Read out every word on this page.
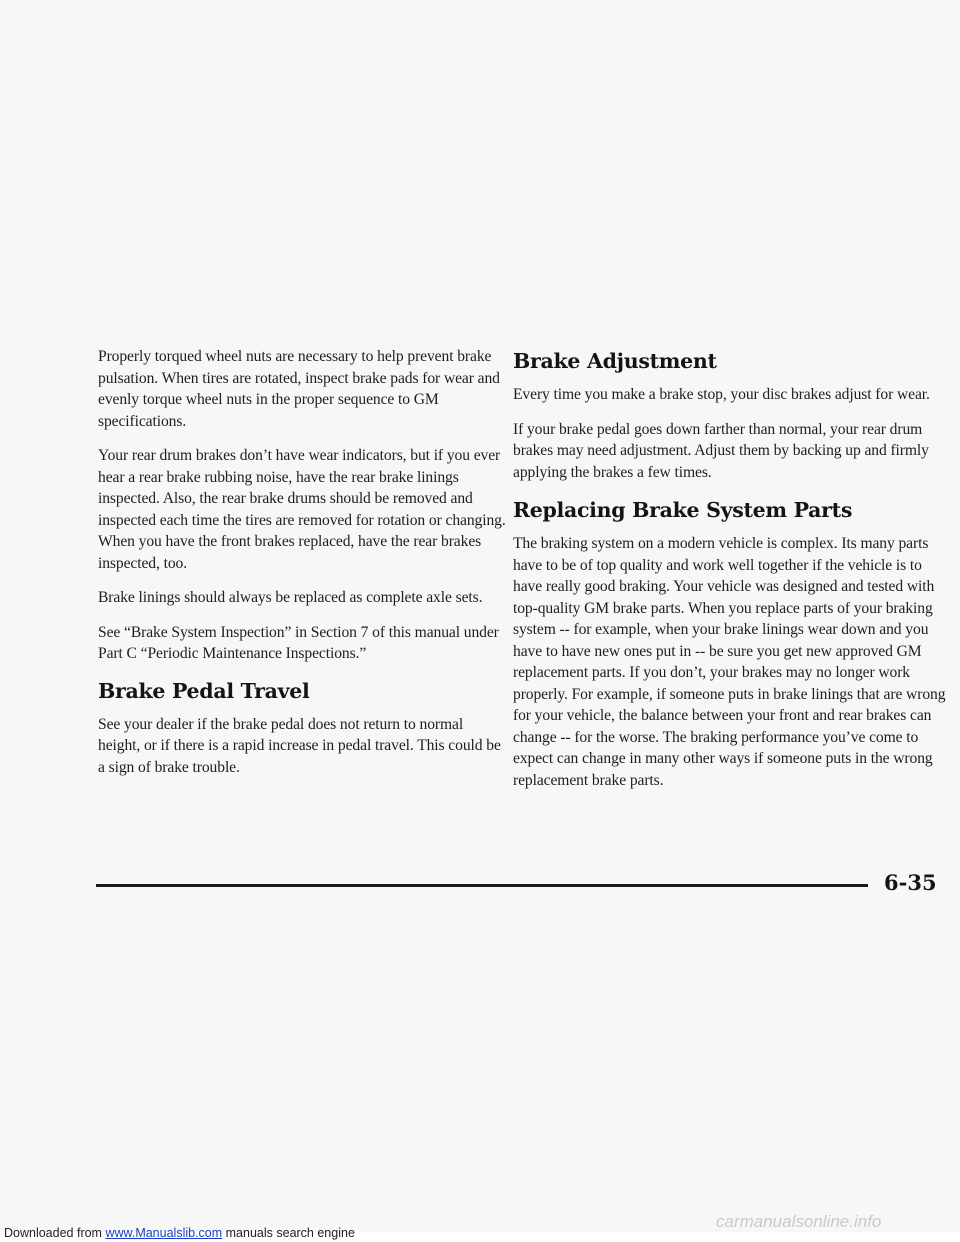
Properly torqued wheel nuts are necessary to help prevent brake pulsation. When tires are rotated, inspect brake pads for wear and evenly torque wheel nuts in the proper sequence to GM specifications.

Your rear drum brakes don’t have wear indicators, but if you ever hear a rear brake rubbing noise, have the rear brake linings inspected. Also, the rear brake drums should be removed and inspected each time the tires are removed for rotation or changing. When you have the front brakes replaced, have the rear brakes inspected, too.

Brake linings should always be replaced as complete axle sets.

See “Brake System Inspection” in Section 7 of this manual under Part C “Periodic Maintenance Inspections.”

Brake Pedal Travel

See your dealer if the brake pedal does not return to normal height, or if there is a rapid increase in pedal travel. This could be a sign of brake trouble.

Brake Adjustment

Every time you make a brake stop, your disc brakes adjust for wear.

If your brake pedal goes down farther than normal, your rear drum brakes may need adjustment. Adjust them by backing up and firmly applying the brakes a few times.

Replacing Brake System Parts

The braking system on a modern vehicle is complex. Its many parts have to be of top quality and work well together if the vehicle is to have really good braking. Your vehicle was designed and tested with top-quality GM brake parts. When you replace parts of your braking system -- for example, when your brake linings wear down and you have to have new ones put in -- be sure you get new approved GM replacement parts. If you don’t, your brakes may no longer work properly. For example, if someone puts in brake linings that are wrong for your vehicle, the balance between your front and rear brakes can change -- for the worse. The braking performance you’ve come to expect can change in many other ways if someone puts in the wrong replacement brake parts.

6-35
carmanualsonline.info
Downloaded from www.Manualslib.com manuals search engine
